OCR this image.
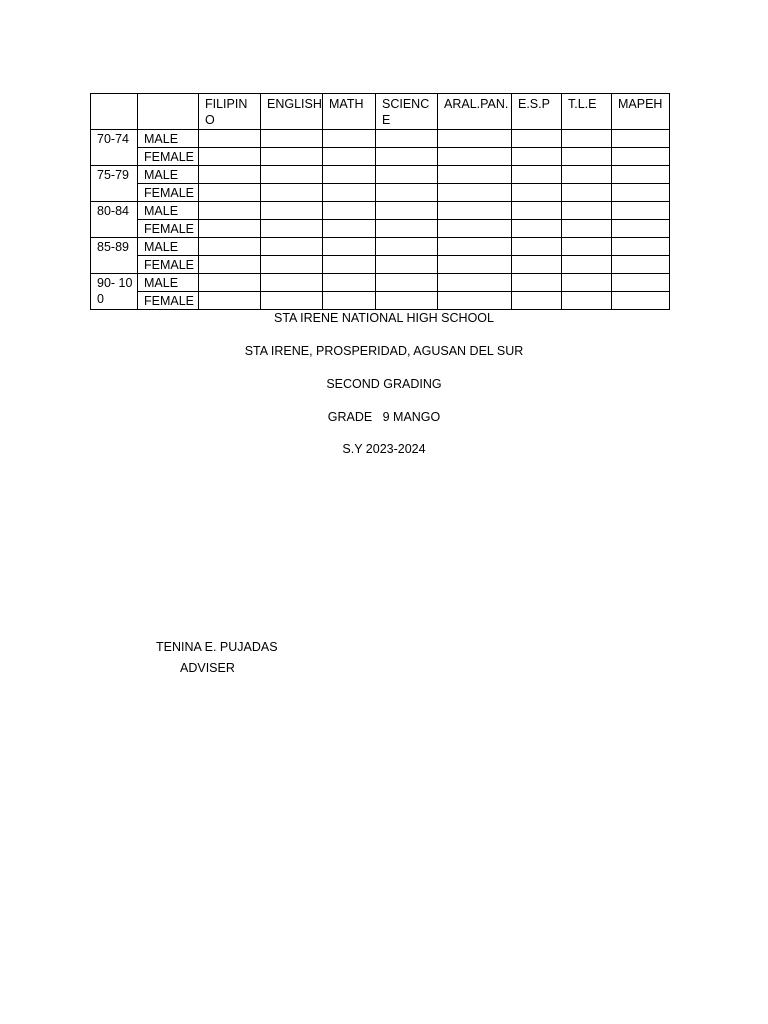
		FILIPIN O	ENGLISH	MATH	SCIENCE	ARAL.PAN.	E.S.P	T.L.E	MAPEH
70-74	MALE								
	FEMALE								
75-79	MALE								
	FEMALE								
80-84	MALE								
	FEMALE								
85-89	MALE								
	FEMALE								
90- 100	MALE								
	FEMALE								
STA IRENE NATIONAL HIGH SCHOOL
STA IRENE, PROSPERIDAD, AGUSAN DEL SUR
SECOND GRADING
GRADE   9 MANGO
S.Y 2023-2024
TENINA E. PUJADAS
ADVISER
